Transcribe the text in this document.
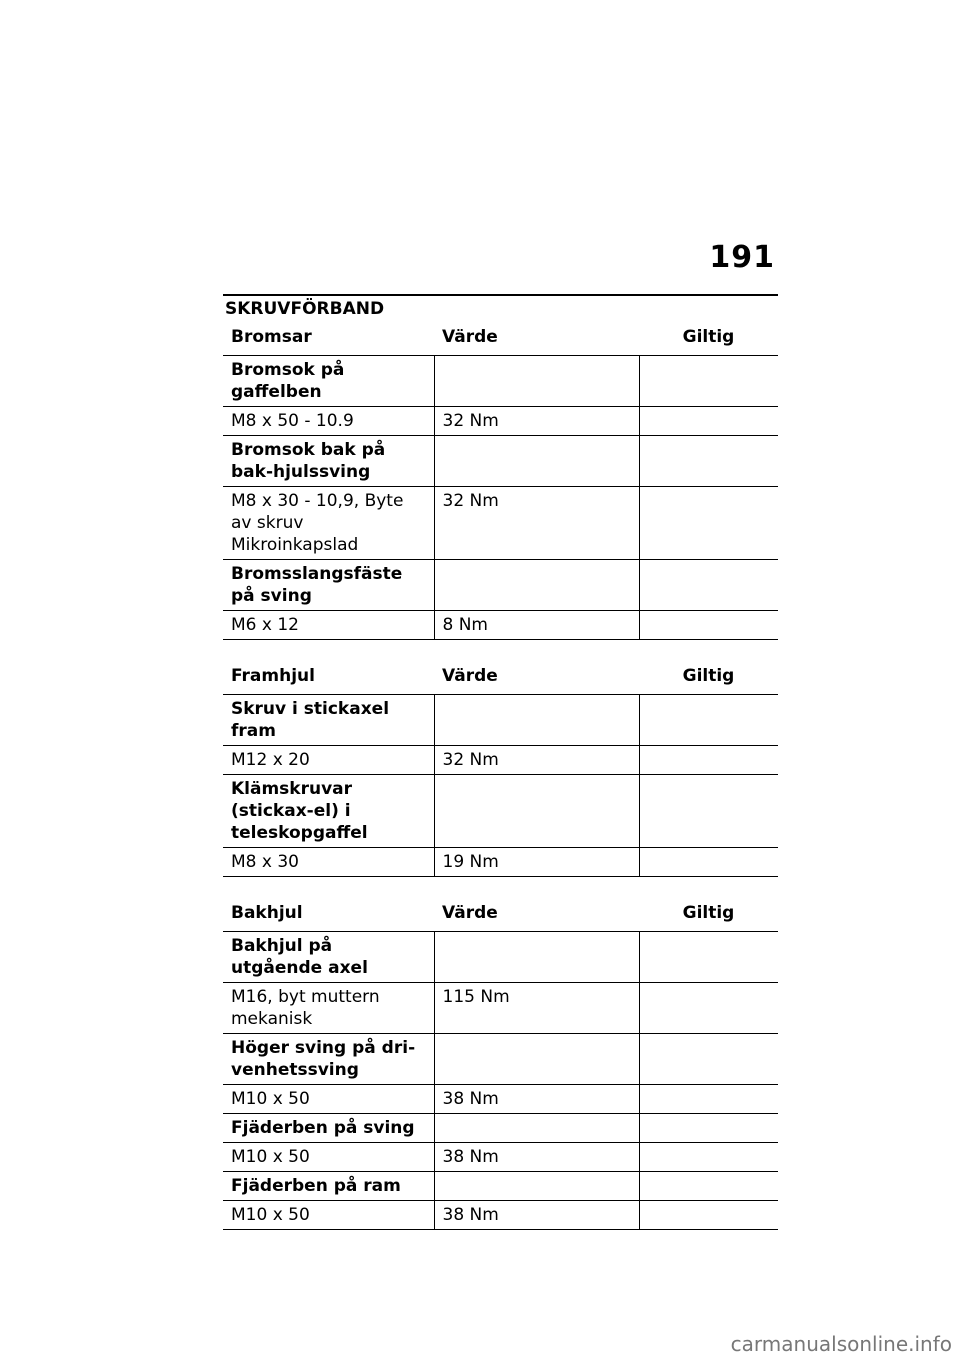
191
SKRUVFÖRBAND
Bromsar	Värde	Giltig
Bromsok på gaffelben		
M8 x 50 - 10.9	32 Nm	
Bromsok bak på bak-hjulssving		
M8 x 30 - 10,9, Byte av skruv Mikroinkapslad	32 Nm	
Bromsslangsfäste på sving		
M6 x 12	8 Nm	
Framhjul	Värde	Giltig
Skruv i stickaxel fram		
M12 x 20	32 Nm	
Klämskruvar (stickax-el) i teleskopgaffel		
M8 x 30	19 Nm	
Bakhjul	Värde	Giltig
Bakhjul på utgående axel		
M16, byt muttern mekanisk	115 Nm	
Höger sving på dri-venhetssving		
M10 x 50	38 Nm	
Fjäderben på sving		
M10 x 50	38 Nm	
Fjäderben på ram		
M10 x 50	38 Nm	
carmanualsonline.info
